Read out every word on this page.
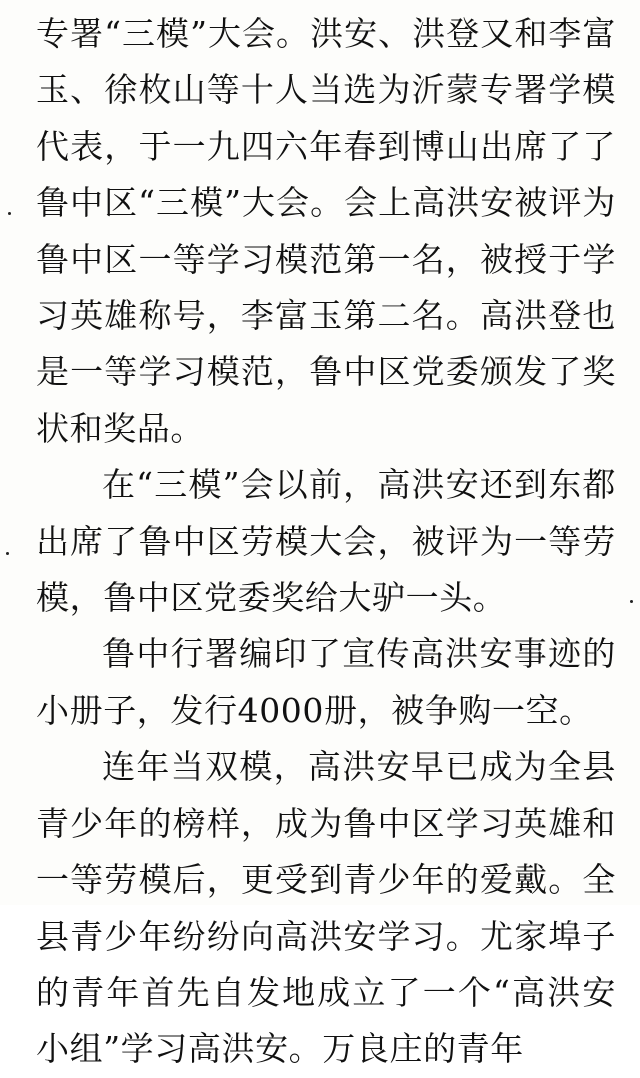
专署“三模”大会。洪安、洪登又和李富玉、徐枚山等十人当选为沂蒙专署学模代表，于一九四六年春到博山出席了了鲁中区“三模”大会。会上高洪安被评为鲁中区一等学习模范第一名，被授于学习英雄称号，李富玉第二名。高洪登也是一等学习模范，鲁中区党委颁发了奖状和奖品。

在“三模”会以前，高洪安还到东都出席了鲁中区劳模大会，被评为一等劳模，鲁中区党委奖给大驴一头。

鲁中行署编印了宣传高洪安事迹的小册子，发行4000册，被争购一空。

连年当双模，高洪安早已成为全县青少年的榜样，成为鲁中区学习英雄和一等劳模后，更受到青少年的爱戴。全县青少年纷纷向高洪安学习。尤家埠子的青年首先自发地成立了一个“高洪安小组”学习高洪安。万良庄的青年
